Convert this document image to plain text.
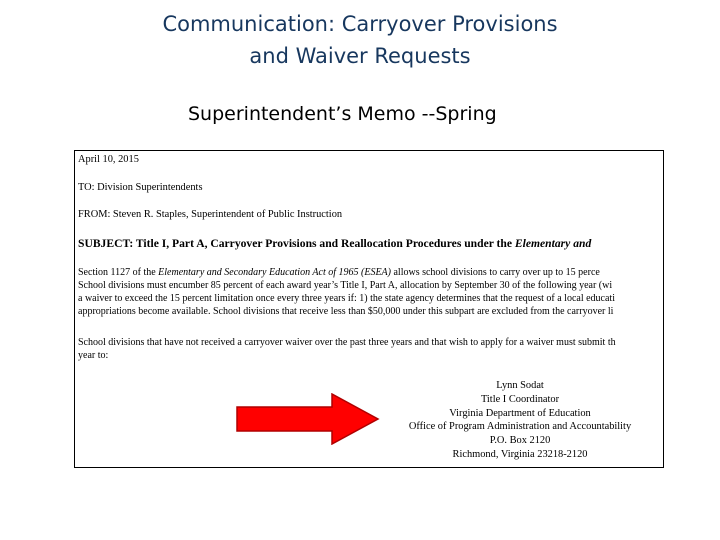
Communication: Carryover Provisions
and Waiver Requests
Superintendent’s Memo --Spring
April 10, 2015
TO: Division Superintendents
FROM: Steven R. Staples, Superintendent of Public Instruction
SUBJECT: Title I, Part A, Carryover Provisions and Reallocation Procedures under the Elementary and
Section 1127 of the Elementary and Secondary Education Act of 1965 (ESEA) allows school divisions to carry over up to 15 perce
School divisions must encumber 85 percent of each award year’s Title I, Part A, allocation by September 30 of the following year (wi
a waiver to exceed the 15 percent limitation once every three years if: 1) the state agency determines that the request of a local educati
appropriations become available. School divisions that receive less than $50,000 under this subpart are excluded from the carryover li
School divisions that have not received a carryover waiver over the past three years and that wish to apply for a waiver must submit th
year to:
Lynn Sodat
Title I Coordinator
Virginia Department of Education
Office of Program Administration and Accountability
P.O. Box 2120
Richmond, Virginia 23218-2120
